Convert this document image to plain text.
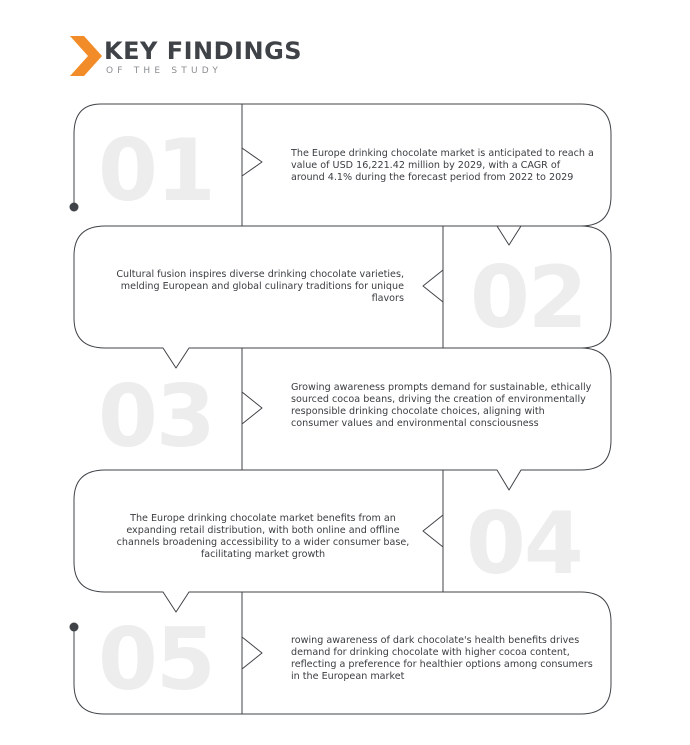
KEY FINDINGS
OF THE STUDY
01	The Europe drinking chocolate market is anticipated to reach a value of USD 16,221.42 million by 2029, with a CAGR of around 4.1% during the forecast period from 2022 to 2029
02
Cultural fusion inspires diverse drinking chocolate varieties, melding European and global culinary traditions for unique flavors
03	Growing awareness prompts demand for sustainable, ethically sourced cocoa beans, driving the creation of environmentally responsible drinking chocolate choices, aligning with consumer values and environmental consciousness
04
The Europe drinking chocolate market benefits from an expanding retail distribution, with both online and offline channels broadening accessibility to a wider consumer base, facilitating market growth
05	rowing awareness of dark chocolate's health benefits drives demand for drinking chocolate with higher cocoa content, reflecting a preference for healthier options among consumers in the European market
